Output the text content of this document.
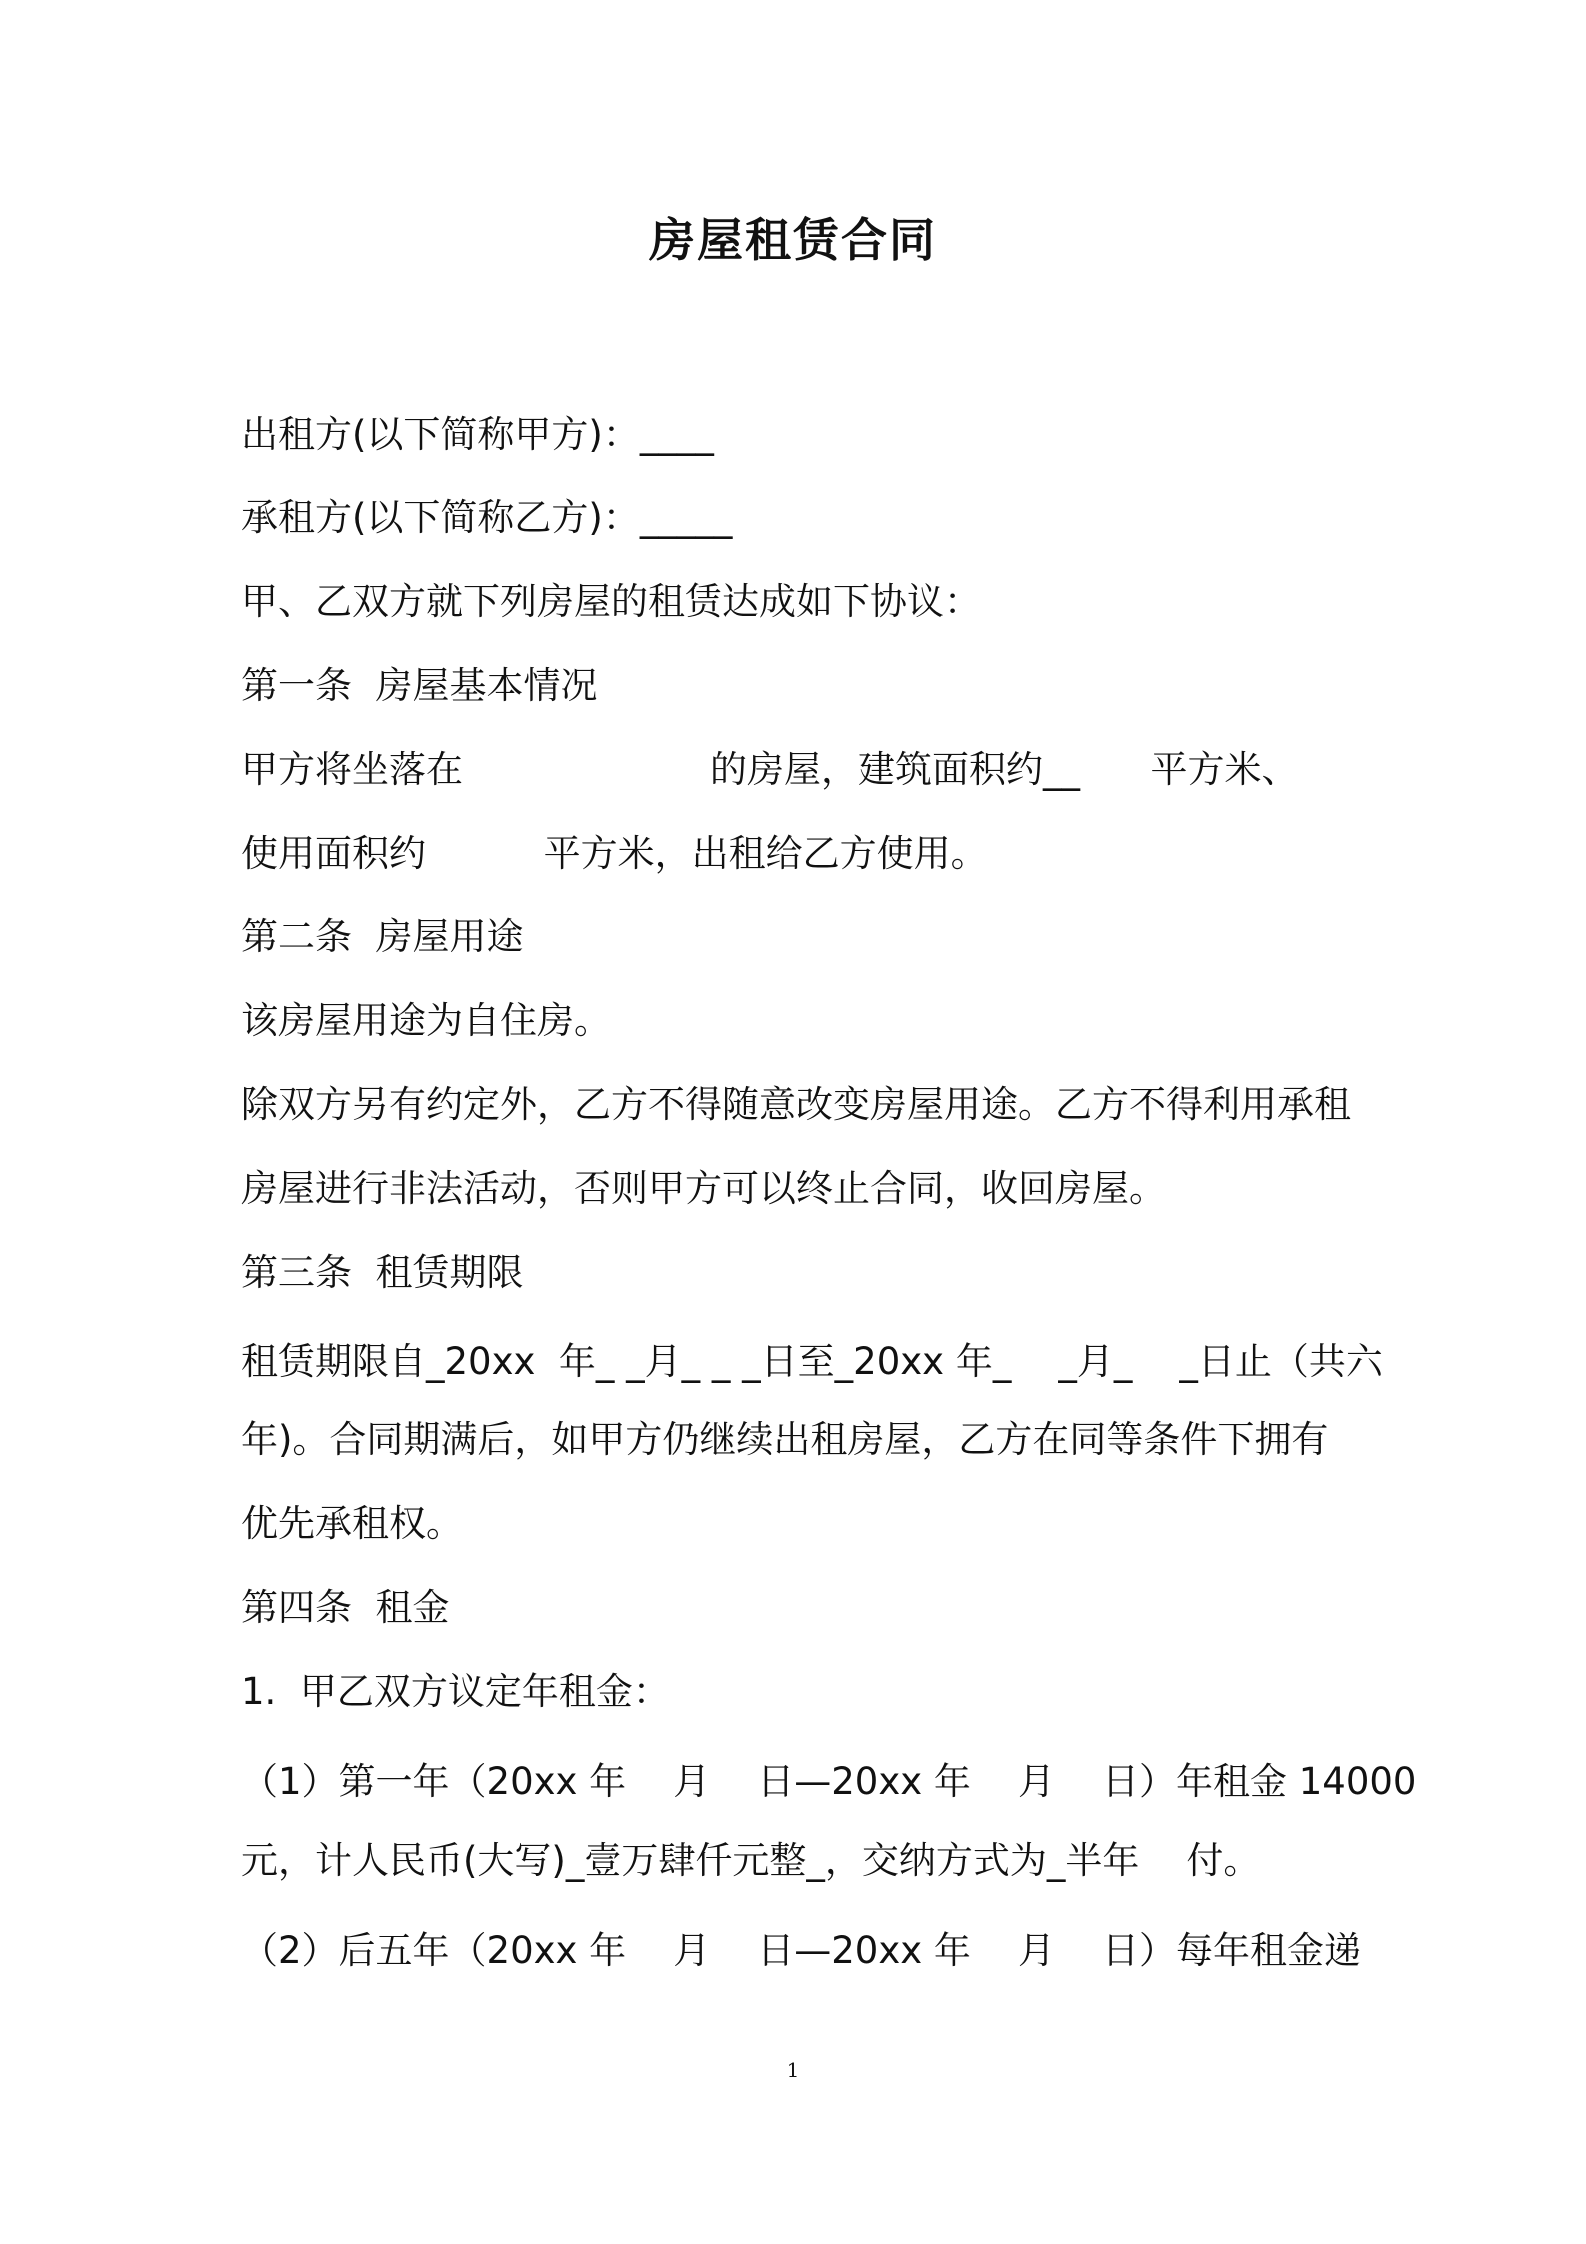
房屋租赁合同
出租方(以下简称甲方)：____
承租方(以下简称乙方)：_____
甲、乙双方就下列房屋的租赁达成如下协议：
第一条  房屋基本情况
甲方将坐落在                     的房屋，建筑面积约__      平方米、
使用面积约          平方米，出租给乙方使用。
第二条  房屋用途
该房屋用途为自住房。
除双方另有约定外，乙方不得随意改变房屋用途。乙方不得利用承租
房屋进行非法活动，否则甲方可以终止合同，收回房屋。
第三条  租赁期限
租赁期限自_20xx  年_ _月_ _ _日至_20xx 年_    _月_    _日止（共六
年)。合同期满后，如甲方仍继续出租房屋，乙方在同等条件下拥有
优先承租权。
第四条  租金
1.  甲乙双方议定年租金：
（1）第一年（20xx 年    月    日—20xx 年    月    日）年租金 14000
元，计人民币(大写)_壹万肆仟元整_，交纳方式为_半年    付。
（2）后五年（20xx 年    月    日—20xx 年    月    日）每年租金递
1
